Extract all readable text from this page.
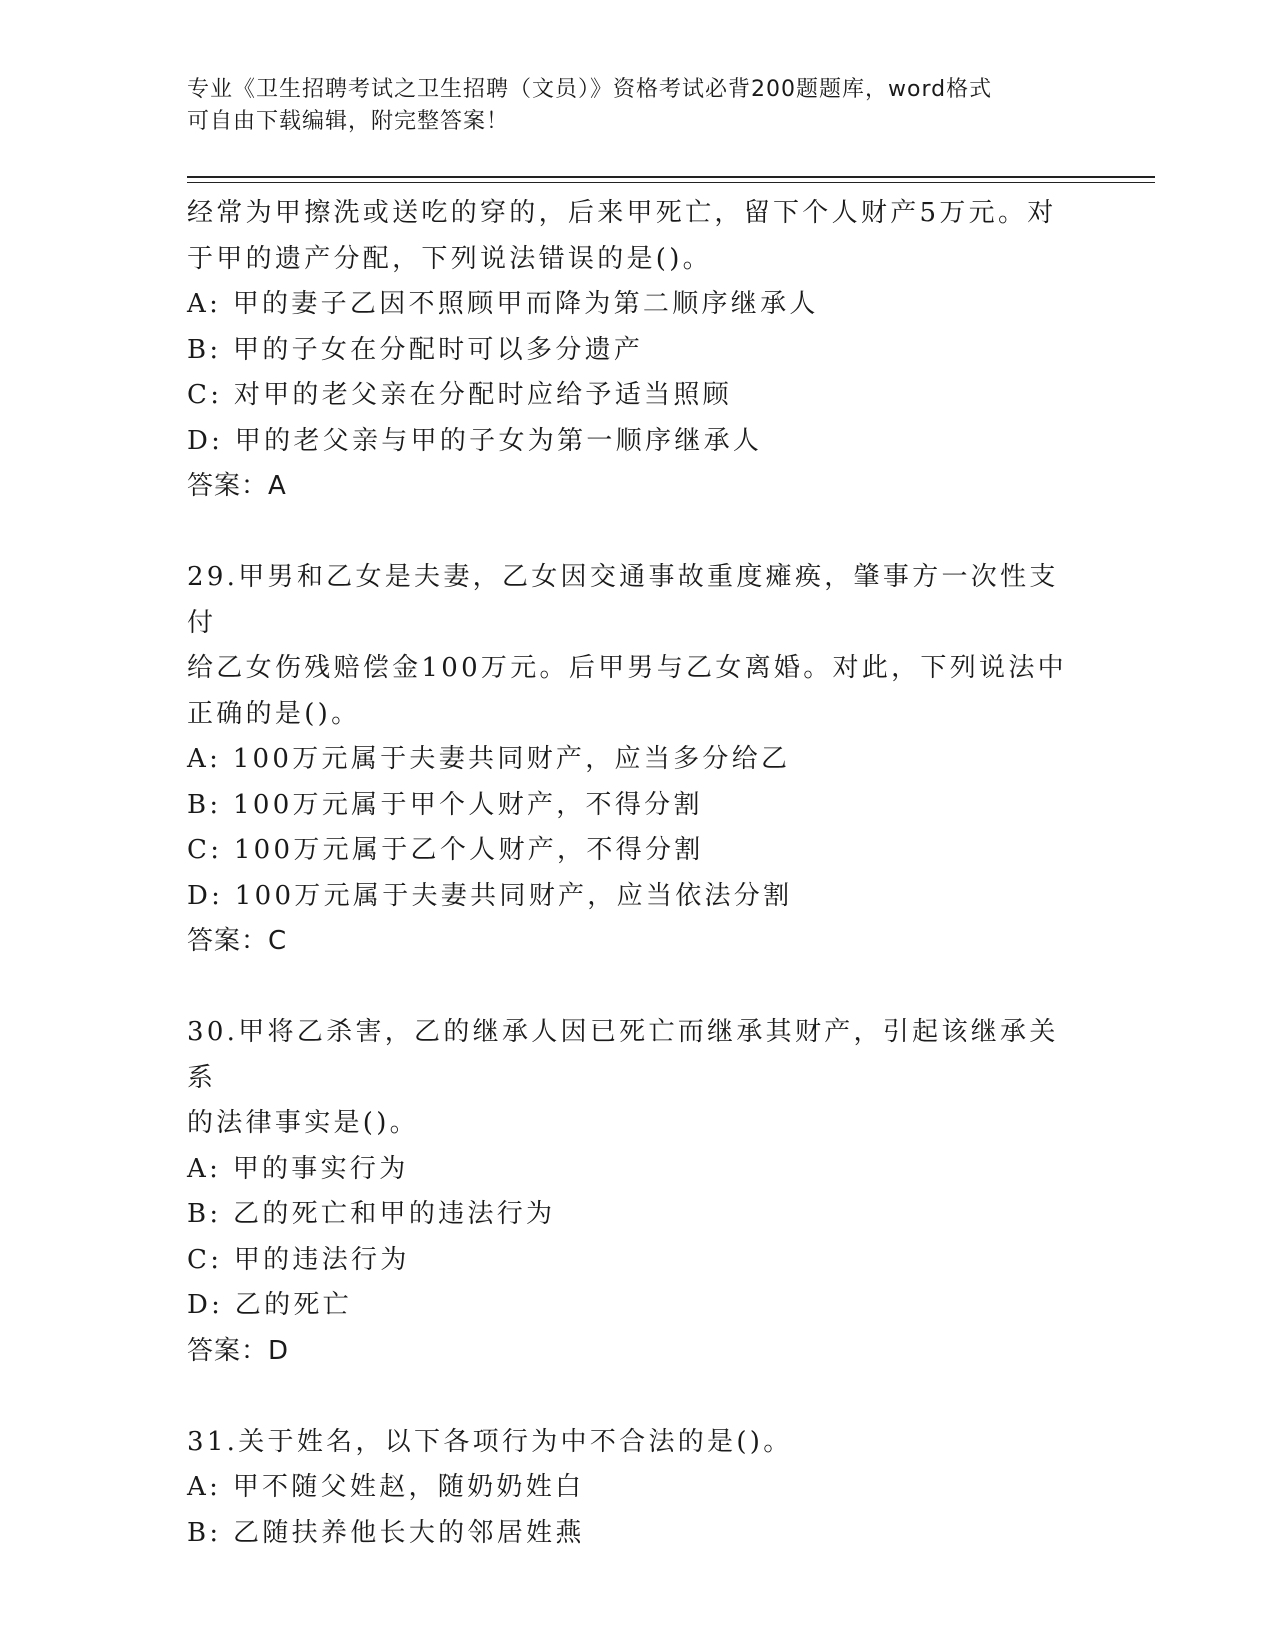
专业《卫生招聘考试之卫生招聘（文员）》资格考试必背200题题库，word格式
可自由下载编辑，附完整答案！
经常为甲擦洗或送吃的穿的，后来甲死亡，留下个人财产5万元。对
于甲的遗产分配，下列说法错误的是()。
A: 甲的妻子乙因不照顾甲而降为第二顺序继承人
B: 甲的子女在分配时可以多分遗产
C: 对甲的老父亲在分配时应给予适当照顾
D: 甲的老父亲与甲的子女为第一顺序继承人
答案：A
29.甲男和乙女是夫妻，乙女因交通事故重度瘫痪，肇事方一次性支付
给乙女伤残赔偿金100万元。后甲男与乙女离婚。对此，下列说法中
正确的是()。
A: 100万元属于夫妻共同财产，应当多分给乙
B: 100万元属于甲个人财产，不得分割
C: 100万元属于乙个人财产，不得分割
D: 100万元属于夫妻共同财产，应当依法分割
答案：C
30.甲将乙杀害，乙的继承人因已死亡而继承其财产，引起该继承关系
的法律事实是()。
A: 甲的事实行为
B: 乙的死亡和甲的违法行为
C: 甲的违法行为
D: 乙的死亡
答案：D
31.关于姓名，以下各项行为中不合法的是()。
A: 甲不随父姓赵，随奶奶姓白
B: 乙随扶养他长大的邻居姓燕
